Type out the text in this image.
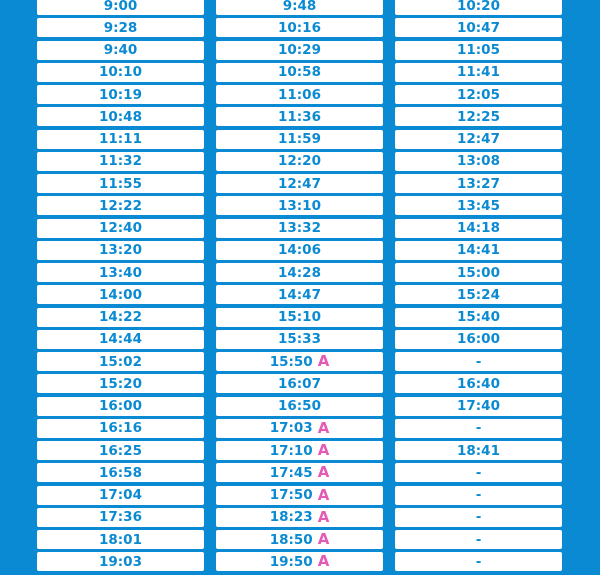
9:00
9:28
9:40
10:10
10:19
10:48
11:11
11:32
11:55
12:22
12:40
13:20
13:40
14:00
14:22
14:44
15:02
15:20
16:00
16:16
16:25
16:58
17:04
17:36
18:01
19:03
9:48
10:16
10:29
10:58
11:06
11:36
11:59
12:20
12:47
13:10
13:32
14:06
14:28
14:47
15:10
15:33
15:50 A
16:07
16:50
17:03 A
17:10 A
17:45 A
17:50 A
18:23 A
18:50 A
19:50 A
10:20
10:47
11:05
11:41
12:05
12:25
12:47
13:08
13:27
13:45
14:18
14:41
15:00
15:24
15:40
16:00
-
16:40
17:40
-
18:41
-
-
-
-
-
